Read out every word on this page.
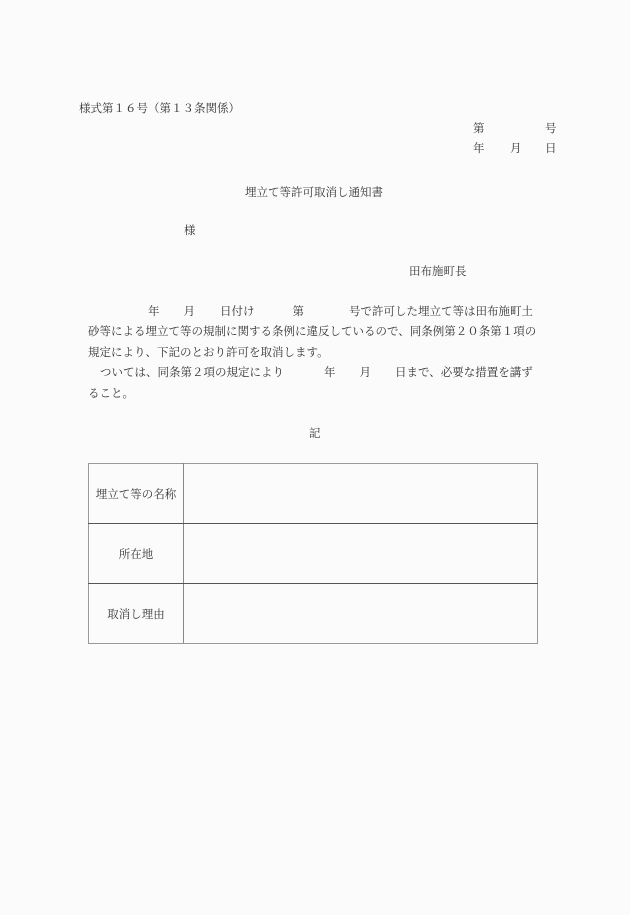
様式第１６号（第１３条関係）
第	号
年 月 日
埋立て等許可取消し通知書
様
田布施町長
年 月 日付け	第	号で許可した埋立て等は田布施町土
砂等による埋立て等の規制に関する条例に違反しているので、同条例第２０条第１項の
規定により、下記のとおり許可を取消します。
ついては、同条第２項の規定により	年 月 日まで、必要な措置を講ず
ること。
記
埋立て等の名称	
所在地	
取消し理由	
